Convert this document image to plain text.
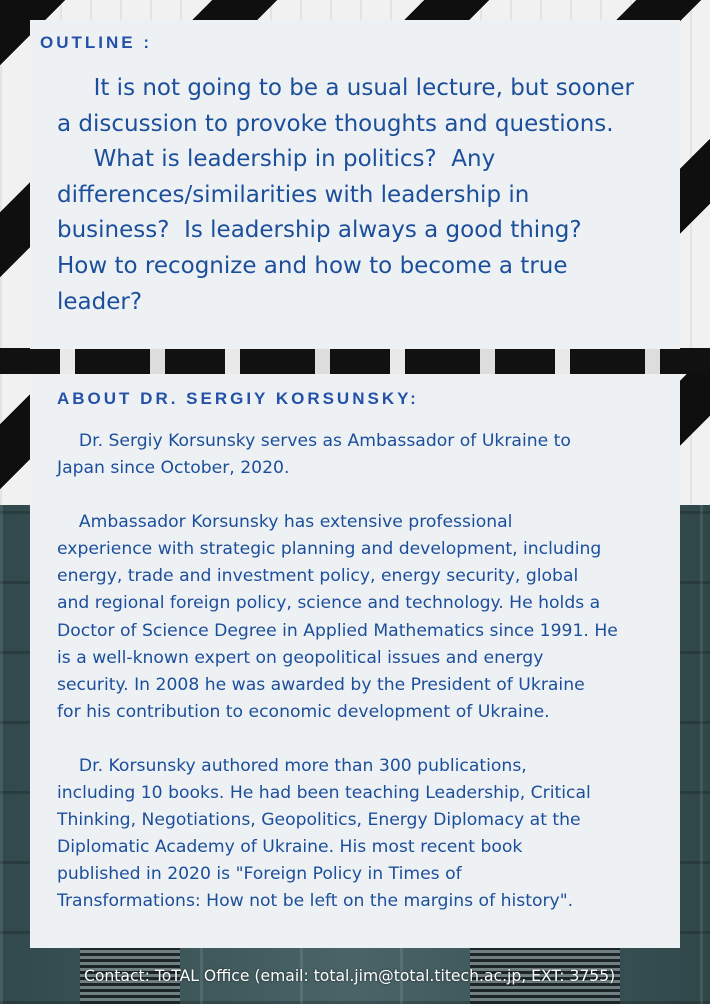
OUTLINE :
It is not going to be a usual lecture, but sooner
a discussion to provoke thoughts and questions.
What is leadership in politics?  Any
differences/similarities with leadership in
business?  Is leadership always a good thing?
How to recognize and how to become a true
leader?
ABOUT DR. SERGIY KORSUNSKY:

Dr. Sergiy Korsunsky serves as Ambassador of Ukraine to
Japan since October, 2020.

Ambassador Korsunsky has extensive professional
experience with strategic planning and development, including
energy, trade and investment policy, energy security, global
and regional foreign policy, science and technology. He holds a
Doctor of Science Degree in Applied Mathematics since 1991. He
is a well-known expert on geopolitical issues and energy
security. In 2008 he was awarded by the President of Ukraine
for his contribution to economic development of Ukraine.

Dr. Korsunsky authored more than 300 publications,
including 10 books. He had been teaching Leadership, Critical
Thinking, Negotiations, Geopolitics, Energy Diplomacy at the
Diplomatic Academy of Ukraine. His most recent book
published in 2020 is "Foreign Policy in Times of
Transformations: How not be left on the margins of history".

Contact: ToTAL Office (email: total.jim@total.titech.ac.jp, EXT: 3755)
